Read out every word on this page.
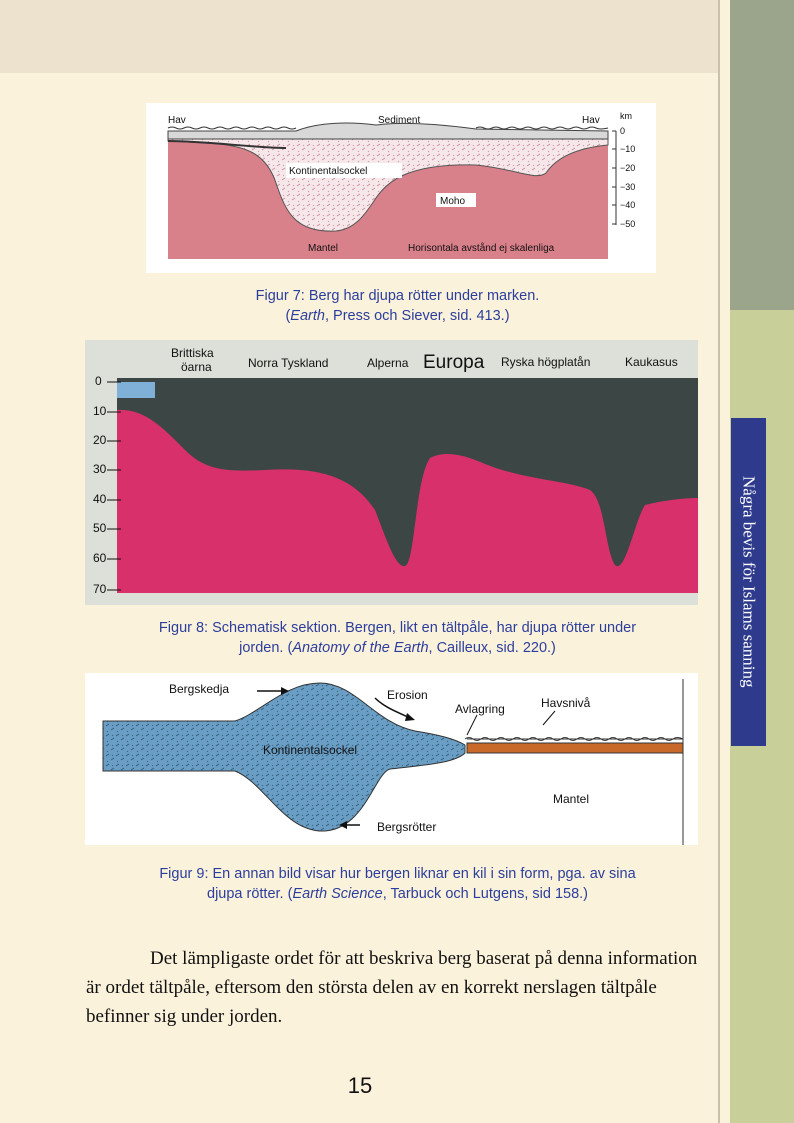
Några bevis för Islams sanning
0
−10
−20
−30
−40
−50
km
Hav	Sediment	Hav
Kontinentalsockel
Moho
Mantel	Horisontala avstånd ej skalenliga
Figur 7: Berg har djupa rötter under marken.
(Earth, Press och Siever, sid. 413.)
0
10
20
30
40
50
60
70
Brittiska
öarna	Norra Tyskland	Alperna Europa Ryska högplatån	Kaukasus
Figur 8: Schematisk sektion. Bergen, likt en tältpåle, har djupa rötter under
jorden. (Anatomy of the Earth, Cailleux, sid. 220.)
Bergskedja	Erosion
Avlagring	Havsnivå
Kontinentalsockel
Mantel
Bergsrötter
Figur 9: En annan bild visar hur bergen liknar en kil i sin form, pga. av sina
djupa rötter. (Earth Science, Tarbuck och Lutgens, sid 158.)
Det lämpligaste ordet för att beskriva berg baserat på denna information är ordet tältpåle, eftersom den största delen av en korrekt nerslagen tältpåle befinner sig under jorden.
15
